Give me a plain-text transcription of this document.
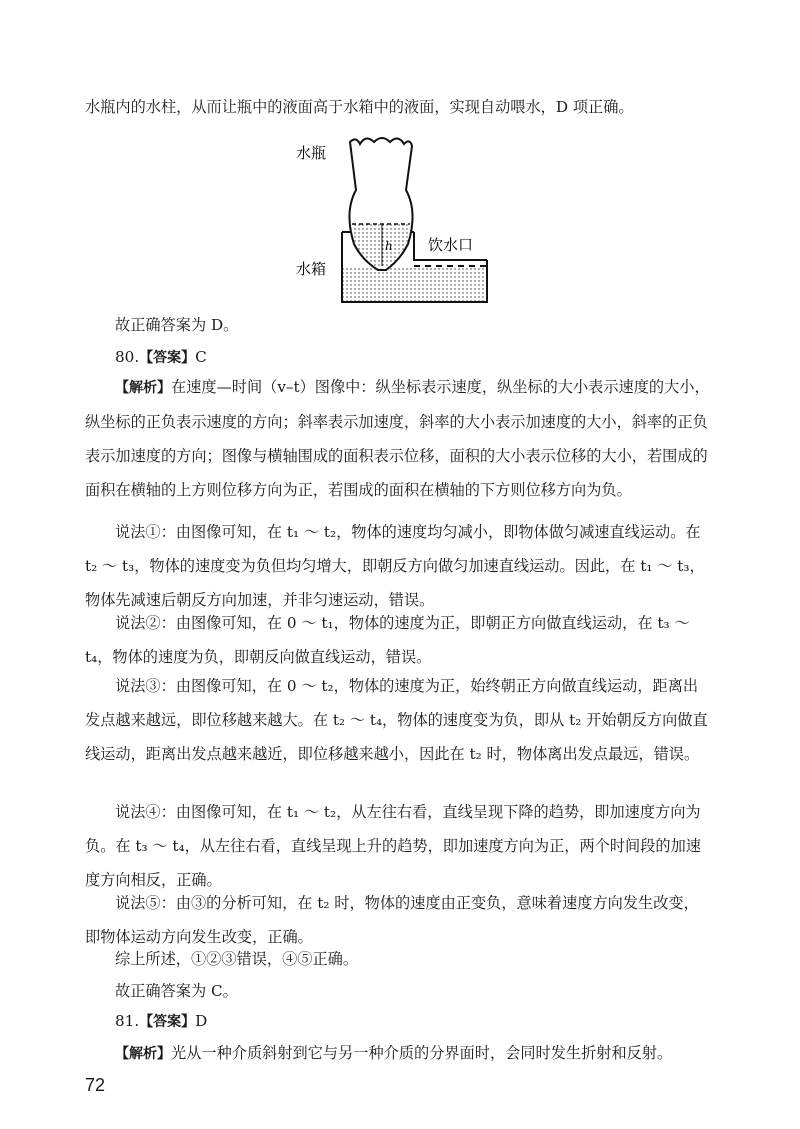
水瓶内的水柱，从而让瓶中的液面高于水箱中的液面，实现自动喂水，D 项正确。

h
水瓶
水箱
饮水口

故正确答案为 D。

80.【答案】C

【解析】在速度—时间（v–t）图像中：纵坐标表示速度，纵坐标的大小表示速度的大小，纵坐标的正负表示速度的方向；斜率表示加速度，斜率的大小表示加速度的大小，斜率的正负表示加速度的方向；图像与横轴围成的面积表示位移，面积的大小表示位移的大小，若围成的面积在横轴的上方则位移方向为正，若围成的面积在横轴的下方则位移方向为负。

说法①：由图像可知，在 t₁ ～ t₂，物体的速度均匀减小，即物体做匀减速直线运动。在 t₂ ～ t₃，物体的速度变为负但均匀增大，即朝反方向做匀加速直线运动。因此，在 t₁ ～ t₃，物体先减速后朝反方向加速，并非匀速运动，错误。

说法②：由图像可知，在 0 ～ t₁，物体的速度为正，即朝正方向做直线运动，在 t₃ ～ t₄，物体的速度为负，即朝反向做直线运动，错误。

说法③：由图像可知，在 0 ～ t₂，物体的速度为正，始终朝正方向做直线运动，距离出发点越来越远，即位移越来越大。在 t₂ ～ t₄，物体的速度变为负，即从 t₂ 开始朝反方向做直线运动，距离出发点越来越近，即位移越来越小，因此在 t₂ 时，物体离出发点最远，错误。

说法④：由图像可知，在 t₁ ～ t₂，从左往右看，直线呈现下降的趋势，即加速度方向为负。在 t₃ ～ t₄，从左往右看，直线呈现上升的趋势，即加速度方向为正，两个时间段的加速度方向相反，正确。

说法⑤：由③的分析可知，在 t₂ 时，物体的速度由正变负，意味着速度方向发生改变，即物体运动方向发生改变，正确。

综上所述，①②③错误，④⑤正确。

故正确答案为 C。

81.【答案】D

【解析】光从一种介质斜射到它与另一种介质的分界面时，会同时发生折射和反射。

72
